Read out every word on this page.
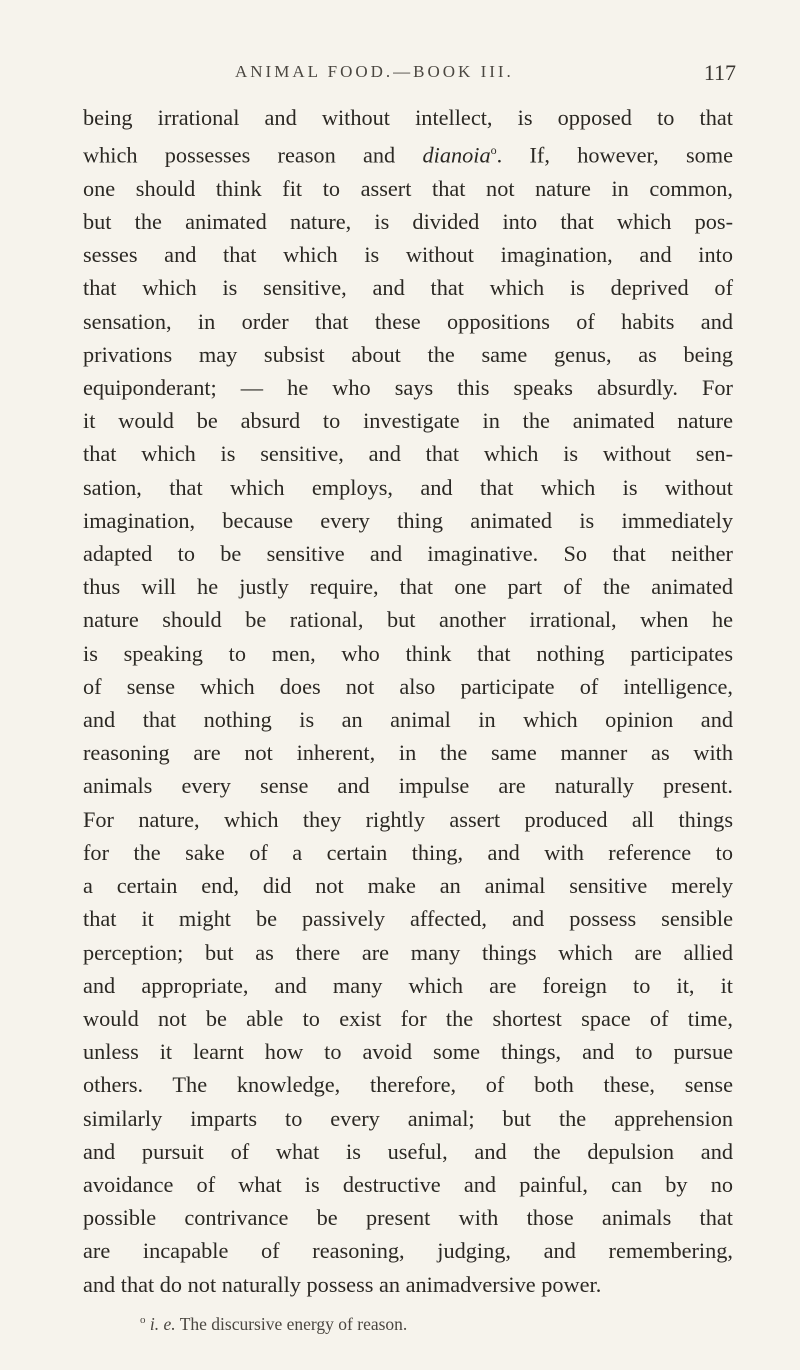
ANIMAL FOOD.—BOOK III.	117
being irrational and without intellect, is opposed to that
which possesses reason and dianoia$^o$. If, however, some
one should think fit to assert that not nature in common,
but the animated nature, is divided into that which pos-
sesses and that which is without imagination, and into
that which is sensitive, and that which is deprived of
sensation, in order that these oppositions of habits and
privations may subsist about the same genus, as being
equiponderant; — he who says this speaks absurdly. For
it would be absurd to investigate in the animated nature
that which is sensitive, and that which is without sen-
sation, that which employs, and that which is without
imagination, because every thing animated is immediately
adapted to be sensitive and imaginative. So that neither
thus will he justly require, that one part of the animated
nature should be rational, but another irrational, when he
is speaking to men, who think that nothing participates
of sense which does not also participate of intelligence,
and that nothing is an animal in which opinion and
reasoning are not inherent, in the same manner as with
animals every sense and impulse are naturally present.
For nature, which they rightly assert produced all things
for the sake of a certain thing, and with reference to
a certain end, did not make an animal sensitive merely
that it might be passively affected, and possess sensible
perception; but as there are many things which are allied
and appropriate, and many which are foreign to it, it
would not be able to exist for the shortest space of time,
unless it learnt how to avoid some things, and to pursue
others. The knowledge, therefore, of both these, sense
similarly imparts to every animal; but the apprehension
and pursuit of what is useful, and the depulsion and
avoidance of what is destructive and painful, can by no
possible contrivance be present with those animals that
are incapable of reasoning, judging, and remembering,
and that do not naturally possess an animadversive power.
$^o$ i. e. The discursive energy of reason.
